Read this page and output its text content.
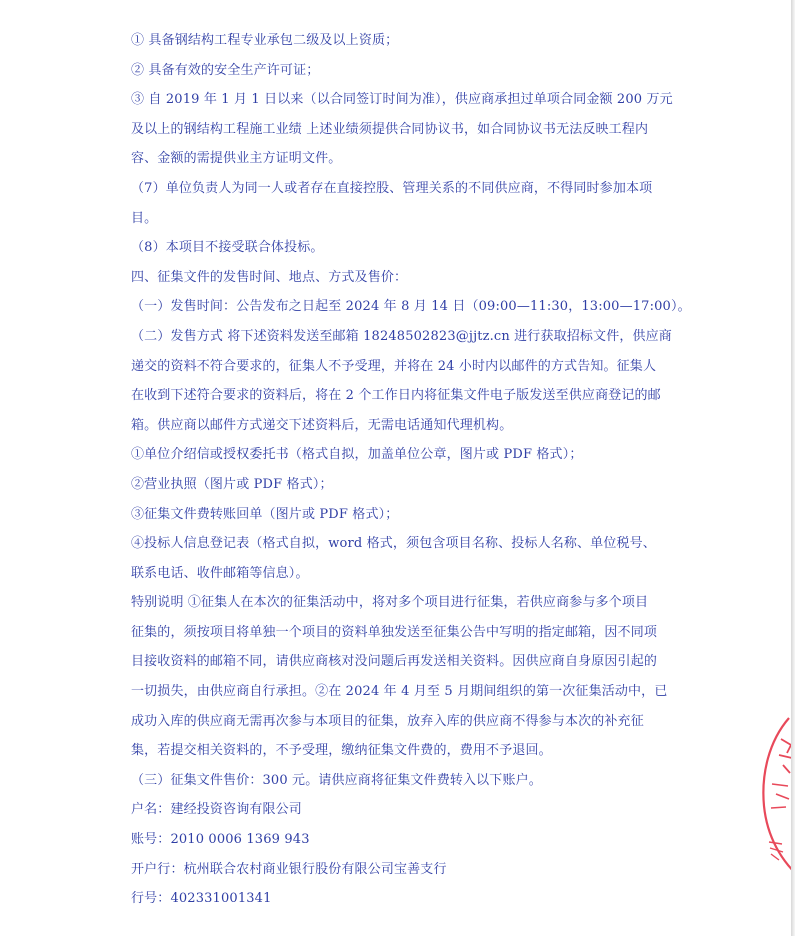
① 具备钢结构工程专业承包二级及以上资质；
② 具备有效的安全生产许可证；
③ 自 2019 年 1 月 1 日以来（以合同签订时间为准），供应商承担过单项合同金额 200 万元
及以上的钢结构工程施工业绩 上述业绩须提供合同协议书，如合同协议书无法反映工程内
容、金额的需提供业主方证明文件。
（7）单位负责人为同一人或者存在直接控股、管理关系的不同供应商，不得同时参加本项
目。
（8）本项目不接受联合体投标。
四、征集文件的发售时间、地点、方式及售价：
（一）发售时间：公告发布之日起至 2024 年 8 月 14 日（09:00—11:30，13:00—17:00）。
（二）发售方式 将下述资料发送至邮箱 18248502823@jjtz.cn 进行获取招标文件，供应商
递交的资料不符合要求的，征集人不予受理，并将在 24 小时内以邮件的方式告知。征集人
在收到下述符合要求的资料后，将在 2 个工作日内将征集文件电子版发送至供应商登记的邮
箱。供应商以邮件方式递交下述资料后，无需电话通知代理机构。
①单位介绍信或授权委托书（格式自拟，加盖单位公章，图片或 PDF 格式）；
②营业执照（图片或 PDF 格式）；
③征集文件费转账回单（图片或 PDF 格式）；
④投标人信息登记表（格式自拟，word 格式，须包含项目名称、投标人名称、单位税号、
联系电话、收件邮箱等信息）。
特别说明 ①征集人在本次的征集活动中，将对多个项目进行征集，若供应商参与多个项目
征集的，须按项目将单独一个项目的资料单独发送至征集公告中写明的指定邮箱，因不同项
目接收资料的邮箱不同，请供应商核对没问题后再发送相关资料。因供应商自身原因引起的
一切损失，由供应商自行承担。②在 2024 年 4 月至 5 月期间组织的第一次征集活动中，已
成功入库的供应商无需再次参与本项目的征集，放弃入库的供应商不得参与本次的补充征
集，若提交相关资料的，不予受理，缴纳征集文件费的，费用不予退回。
（三）征集文件售价：300 元。请供应商将征集文件费转入以下账户。
户名：建经投资咨询有限公司
账号：2010 0006 1369 943
开户行：杭州联合农村商业银行股份有限公司宝善支行
行号：402331001341
